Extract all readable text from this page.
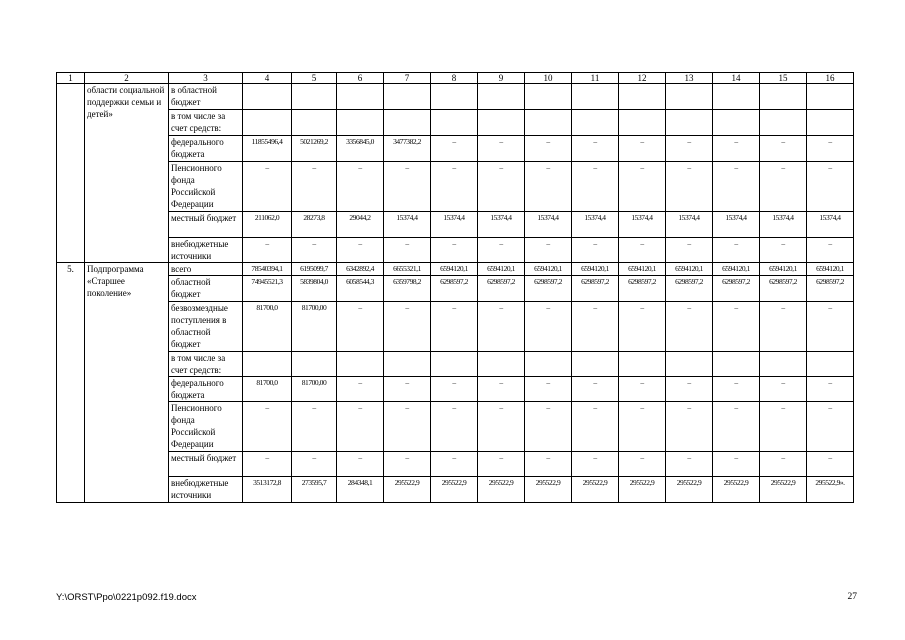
1	2	3	4	5	6	7	8	9	10	11	12	13	14	15	16
	области социальной поддержки семьи и детей»	в областной бюджет													
		в том числе за счет средств:													
		федерального бюджета	11855496,4	5021269,2	3356845,0	3477382,2	–	–	–	–	–	–	–	–	–
		Пенсионного фонда Российской Федерации	–	–	–	–	–	–	–	–	–	–	–	–	–
		местный бюджет	211062,0	28273,8	29044,2	15374,4	15374,4	15374,4	15374,4	15374,4	15374,4	15374,4	15374,4	15374,4	15374,4
		внебюджетные источники	–	–	–	–	–	–	–	–	–	–	–	–	–
5.	Подпрограмма «Старшее поколение»	всего	78540394,1	6195099,7	6342892,4	6655321,1	6594120,1	6594120,1	6594120,1	6594120,1	6594120,1	6594120,1	6594120,1	6594120,1	6594120,1
		областной бюджет	74945521,3	5839804,0	6058544,3	6359798,2	6298597,2	6298597,2	6298597,2	6298597,2	6298597,2	6298597,2	6298597,2	6298597,2	6298597,2
		безвозмездные поступления в областной бюджет	81700,0	81700,00	–	–	–	–	–	–	–	–	–	–	–
		в том числе за счет средств:													
		федерального бюджета	81700,0	81700,00	–	–	–	–	–	–	–	–	–	–	–
		Пенсионного фонда Российской Федерации	–	–	–	–	–	–	–	–	–	–	–	–	–
		местный бюджет	–	–	–	–	–	–	–	–	–	–	–	–	–
		внебюджетные источники	3513172,8	273595,7	284348,1	295522,9	295522,9	295522,9	295522,9	295522,9	295522,9	295522,9	295522,9	295522,9	295522,9».
Y:\ORST\Ppo\0221p092.f19.docx	27
